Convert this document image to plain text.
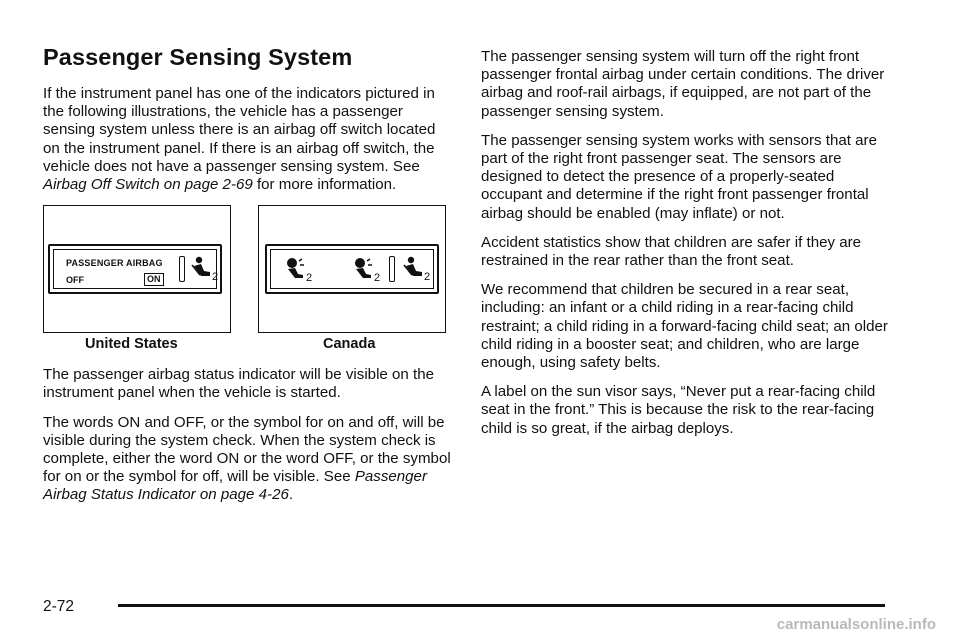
Passenger Sensing System

If the instrument panel has one of the indicators pictured in the following illustrations, the vehicle has a passenger sensing system unless there is an airbag off switch located on the instrument panel. If there is an airbag off switch, the vehicle does not have a passenger sensing system. See Airbag Off Switch on page 2-69 for more information.

PASSENGER AIRBAG
OFF	ON	2
United States
2	2	2
Canada

The passenger airbag status indicator will be visible on the instrument panel when the vehicle is started.

The words ON and OFF, or the symbol for on and off, will be visible during the system check. When the system check is complete, either the word ON or the word OFF, or the symbol for on or the symbol for off, will be visible. See Passenger Airbag Status Indicator on page 4-26.

The passenger sensing system will turn off the right front passenger frontal airbag under certain conditions. The driver airbag and roof-rail airbags, if equipped, are not part of the passenger sensing system.

The passenger sensing system works with sensors that are part of the right front passenger seat. The sensors are designed to detect the presence of a properly-seated occupant and determine if the right front passenger frontal airbag should be enabled (may inflate) or not.

Accident statistics show that children are safer if they are restrained in the rear rather than the front seat.

We recommend that children be secured in a rear seat, including: an infant or a child riding in a rear-facing child restraint; a child riding in a forward-facing child seat; an older child riding in a booster seat; and children, who are large enough, using safety belts.

A label on the sun visor says, “Never put a rear-facing child seat in the front.” This is because the risk to the rear-facing child is so great, if the airbag deploys.

2-72
carmanualsonline.info
